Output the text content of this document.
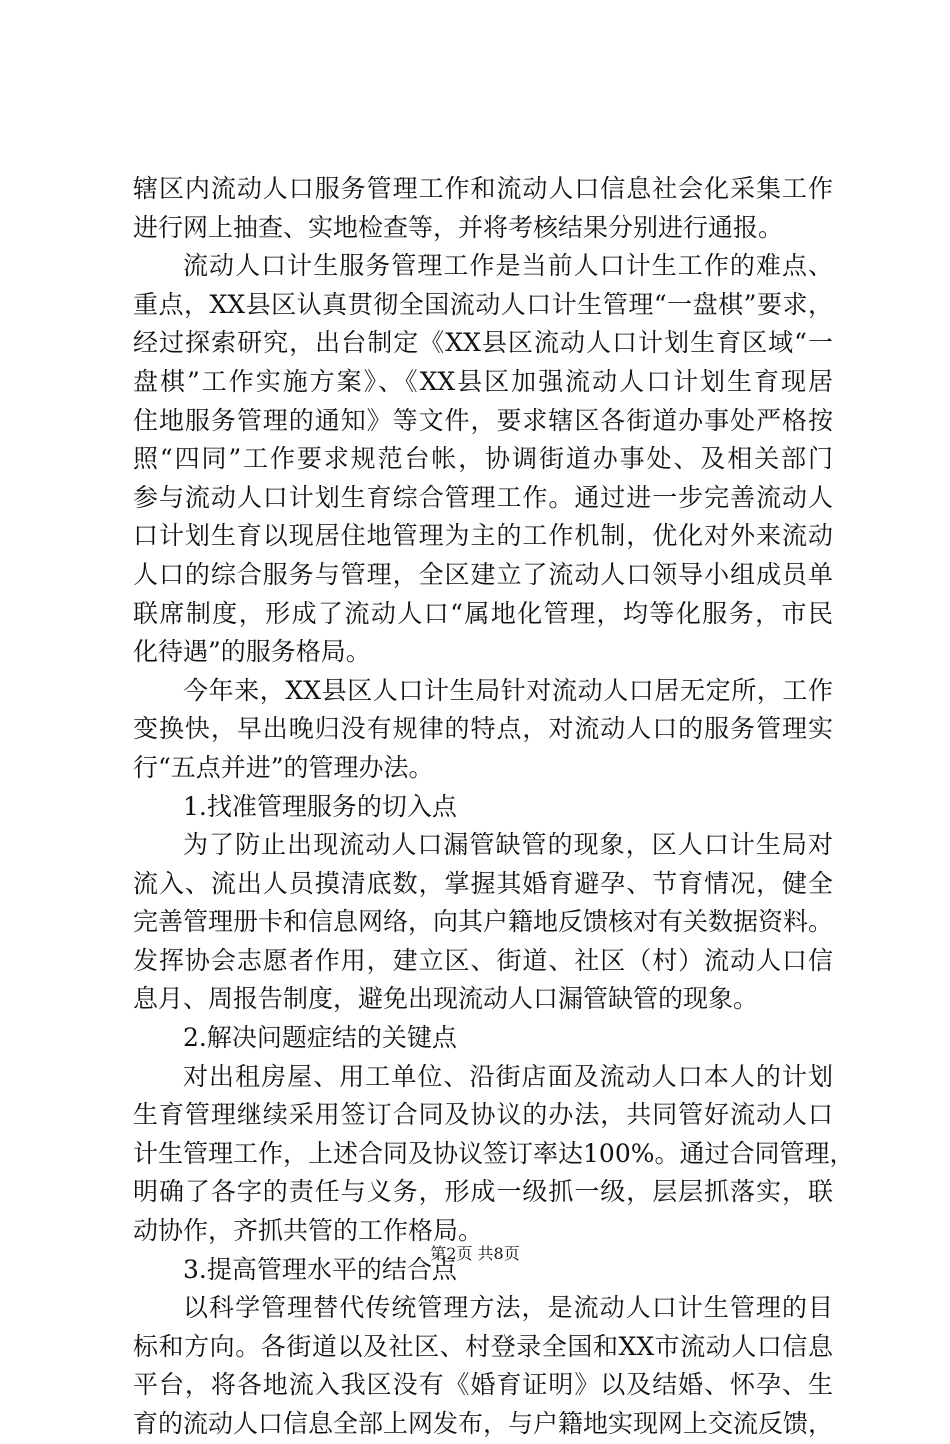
辖区内流动人口服务管理工作和流动人口信息社会化采集工作
进行网上抽查、实地检查等，并将考核结果分别进行通报。
流动人口计生服务管理工作是当前人口计生工作的难点、
重点，XX县区认真贯彻全国流动人口计生管理“一盘棋”要求，
经过探索研究，出台制定《XX县区流动人口计划生育区域“一
盘棋”工作实施方案》、《XX县区加强流动人口计划生育现居
住地服务管理的通知》等文件，要求辖区各街道办事处严格按
照“四同”工作要求规范台帐，协调街道办事处、及相关部门
参与流动人口计划生育综合管理工作。通过进一步完善流动人
口计划生育以现居住地管理为主的工作机制，优化对外来流动
人口的综合服务与管理，全区建立了流动人口领导小组成员单
联席制度，形成了流动人口“属地化管理，均等化服务，市民
化待遇”的服务格局。
今年来，XX县区人口计生局针对流动人口居无定所，工作
变换快，早出晚归没有规律的特点，对流动人口的服务管理实
行“五点并进”的管理办法。
1.找准管理服务的切入点
为了防止出现流动人口漏管缺管的现象，区人口计生局对
流入、流出人员摸清底数，掌握其婚育避孕、节育情况，健全
完善管理册卡和信息网络，向其户籍地反馈核对有关数据资料。
发挥协会志愿者作用，建立区、街道、社区（村）流动人口信
息月、周报告制度，避免出现流动人口漏管缺管的现象。
2.解决问题症结的关键点
对出租房屋、用工单位、沿街店面及流动人口本人的计划
生育管理继续采用签订合同及协议的办法，共同管好流动人口
计生管理工作，上述合同及协议签订率达100%。通过合同管理，
明确了各字的责任与义务，形成一级抓一级，层层抓落实，联
动协作，齐抓共管的工作格局。
3.提高管理水平的结合点
以科学管理替代传统管理方法，是流动人口计生管理的目
标和方向。各街道以及社区、村登录全国和XX市流动人口信息
平台，将各地流入我区没有《婚育证明》以及结婚、怀孕、生
育的流动人口信息全部上网发布，与户籍地实现网上交流反馈，
第2页 共8页
